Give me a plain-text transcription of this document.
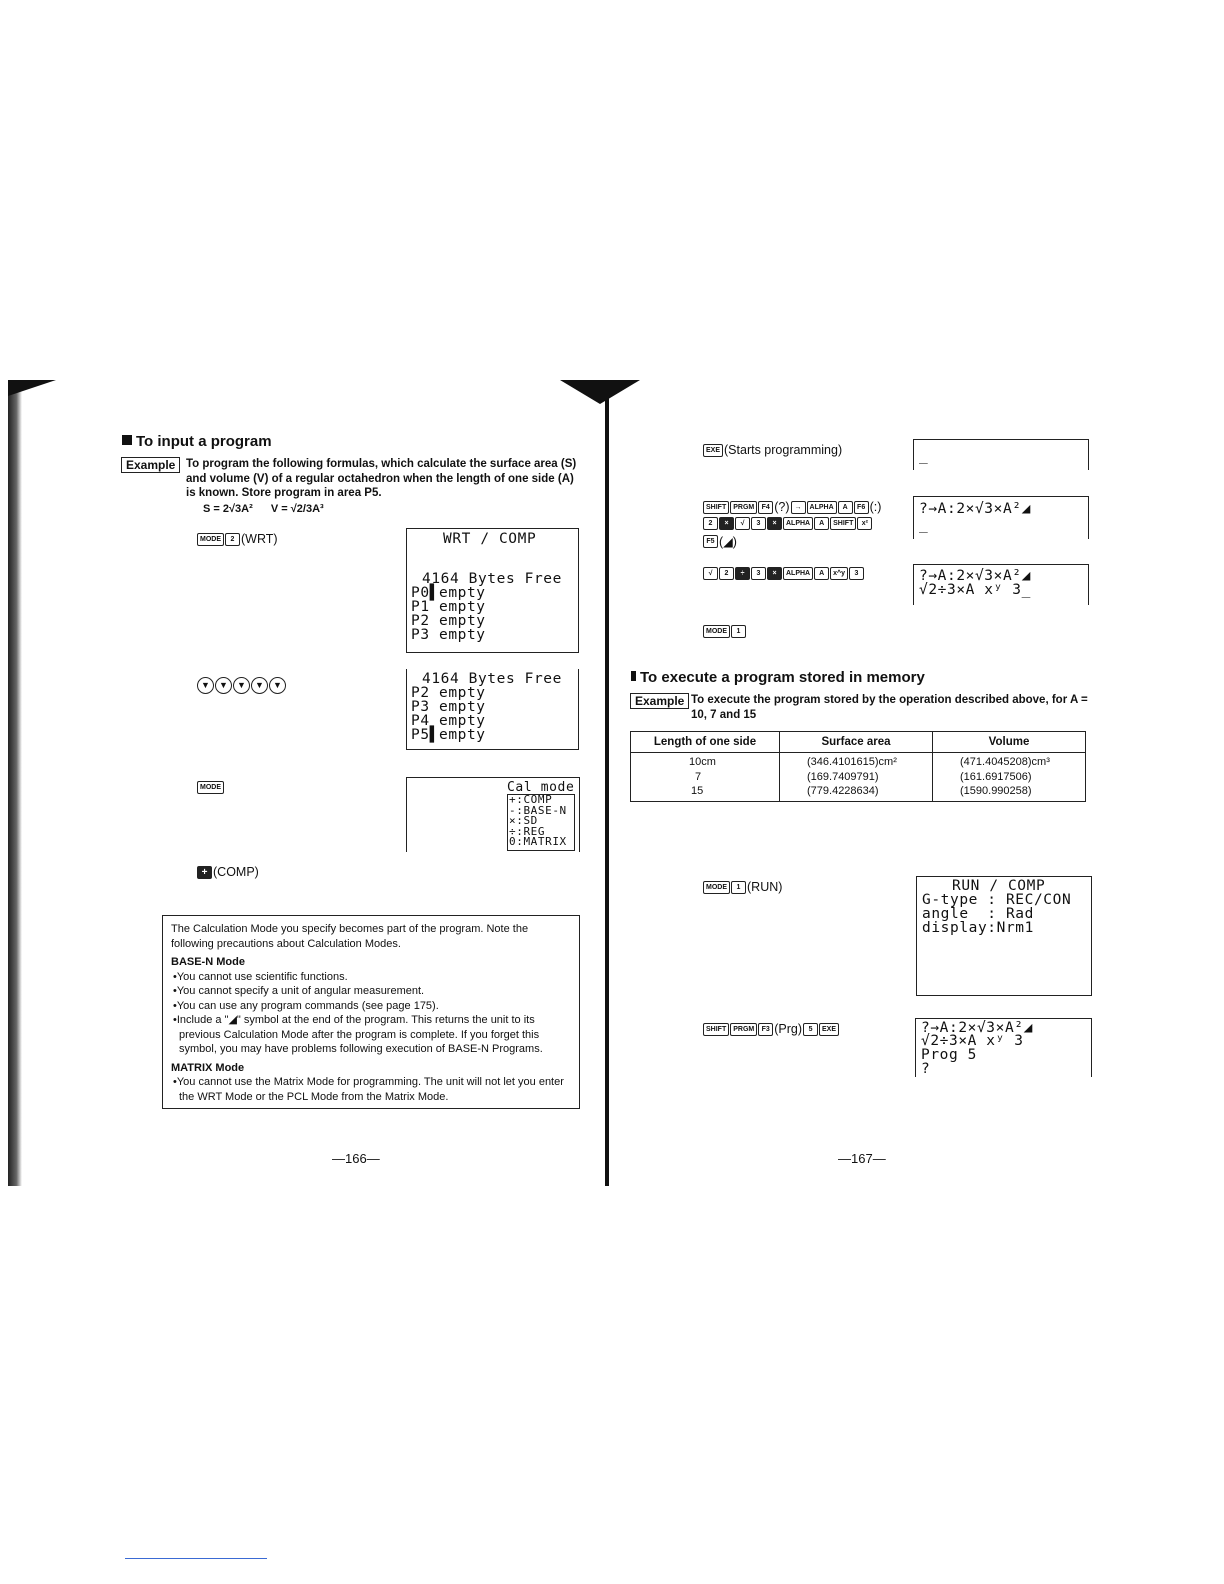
To input a program
Example To program the following formulas, which calculate the surface area (S) and volume (V) of a regular octahedron when the length of one side (A) is known. Store program in area P5.
S = 2√3A² V = √2/3A³
MODE	2 (WRT)	WRT / COMP
4164 Bytes Free
P0▌empty
P1 empty
P2 empty
P3 empty
▼ ▼ ▼ ▼ ▼	4164 Bytes Free
P2 empty
P3 empty
P4 empty
P5▌empty
MODE	Cal mode
+:COMP
-:BASE-N
×:SD
÷:REG
0:MATRIX
+ (COMP)

The Calculation Mode you specify becomes part of the program. Note the following precautions about Calculation Modes.

BASE-N Mode

•You cannot use scientific functions.

•You cannot specify a unit of angular measurement.

•You can use any program commands (see page 175).

•Include a "◢" symbol at the end of the program. This returns the unit to its previous Calculation Mode after the program is complete. If you forget this symbol, you may have problems following execution of BASE-N Programs.

MATRIX Mode

•You cannot use the Matrix Mode for programming. The unit will not let you enter the WRT Mode or the PCL Mode from the Matrix Mode.

—166—
EXE (Starts programming)	_
SHIFT	PRGM	F4 (?) →	ALPHA	A	F6 (:)
2	×	√	3	×	ALPHA	A	SHIFT	x²
F5 (◢)
?→A:2×√3×A²◢
_
√	2	÷	3	×	ALPHA	A	x^y	3	?→A:2×√3×A²◢
√2÷3×A xʸ 3_
MODE	1
To execute a program stored in memory
Example To execute the program stored by the operation described above, for A = 10, 7 and 15
Length of one side	Surface area	Volume
10cm	(346.4101615)cm²	(471.4045208)cm³
7	(169.7409791)	(161.6917506)
15	(779.4228634)	(1590.990258)
MODE	1 (RUN)	RUN / COMP
G-type : REC/CON
angle  : Rad
display:Nrm1
SHIFT	PRGM	F3 (Prg) 5	EXE	?→A:2×√3×A²◢
√2÷3×A xʸ 3
Prog 5
?
—167—
